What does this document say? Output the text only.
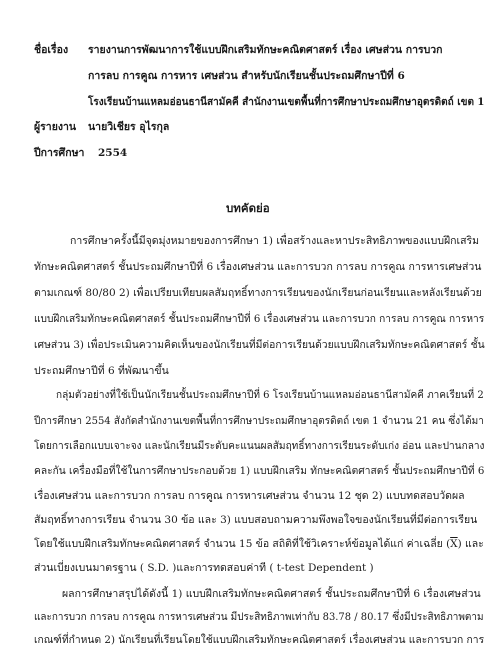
ชื่อเรื่อง รายงานการพัฒนาการใช้แบบฝึกเสริมทักษะคณิตศาสตร์ เรื่อง เศษส่วน การบวก
การลบ การคูณ การหาร เศษส่วน สำหรับนักเรียนชั้นประถมศึกษาปีที่ 6
โรงเรียนบ้านแหลมอ่อนธานีสามัคคี สำนักงานเขตพื้นที่การศึกษาประถมศึกษาอุตรดิตถ์ เขต 1
ผู้รายงาน นายวิเชียร อุไรกุล
ปีการศึกษา 2554
บทคัดย่อ
การศึกษาครั้งนี้มีจุดมุ่งหมายของการศึกษา 1) เพื่อสร้างและหาประสิทธิภาพของแบบฝึกเสริม
ทักษะคณิตศาสตร์ ชั้นประถมศึกษาปีที่ 6 เรื่องเศษส่วน และการบวก การลบ การคูณ การหารเศษส่วน
ตามเกณฑ์ 80/80 2) เพื่อเปรียบเทียบผลสัมฤทธิ์ทางการเรียนของนักเรียนก่อนเรียนและหลังเรียนด้วย
แบบฝึกเสริมทักษะคณิตศาสตร์ ชั้นประถมศึกษาปีที่ 6 เรื่องเศษส่วน และการบวก การลบ การคูณ การหาร
เศษส่วน 3) เพื่อประเมินความคิดเห็นของนักเรียนที่มีต่อการเรียนด้วยแบบฝึกเสริมทักษะคณิตศาสตร์ ชั้น
ประถมศึกษาปีที่ 6 ที่พัฒนาขึ้น
กลุ่มตัวอย่างที่ใช้เป็นนักเรียนชั้นประถมศึกษาปีที่ 6 โรงเรียนบ้านแหลมอ่อนธานีสามัคคี ภาคเรียนที่ 2
ปีการศึกษา 2554 สังกัดสำนักงานเขตพื้นที่การศึกษาประถมศึกษาอุตรดิตถ์ เขต 1 จำนวน 21 คน ซึ่งได้มา
โดยการเลือกแบบเจาะจง และนักเรียนมีระดับคะแนนผลสัมฤทธิ์ทางการเรียนระดับเก่ง อ่อน และปานกลาง
คละกัน เครื่องมือที่ใช้ในการศึกษาประกอบด้วย 1) แบบฝึกเสริม ทักษะคณิตศาสตร์ ชั้นประถมศึกษาปีที่ 6
เรื่องเศษส่วน และการบวก การลบ การคูณ การหารเศษส่วน จำนวน 12 ชุด 2) แบบทดสอบวัดผล
สัมฤทธิ์ทางการเรียน จำนวน 30 ข้อ และ 3) แบบสอบถามความพึงพอใจของนักเรียนที่มีต่อการเรียน
โดยใช้แบบฝึกเสริมทักษะคณิตศาสตร์ จำนวน 15 ข้อ สถิติที่ใช้วิเคราะห์ข้อมูลได้แก่ ค่าเฉลี่ย $(\overline{X})$ และ
ส่วนเบี่ยงเบนมาตรฐาน ( S.D. )และการทดสอบค่าที ( t-test Dependent )
ผลการศึกษาสรุปได้ดังนี้ 1) แบบฝึกเสริมทักษะคณิตศาสตร์ ชั้นประถมศึกษาปีที่ 6 เรื่องเศษส่วน
และการบวก การลบ การคูณ การหารเศษส่วน มีประสิทธิภาพเท่ากับ 83.78 / 80.17 ซึ่งมีประสิทธิภาพตาม
เกณฑ์ที่กำหนด 2) นักเรียนที่เรียนโดยใช้แบบฝึกเสริมทักษะคณิตศาสตร์ เรื่องเศษส่วน และการบวก การ
